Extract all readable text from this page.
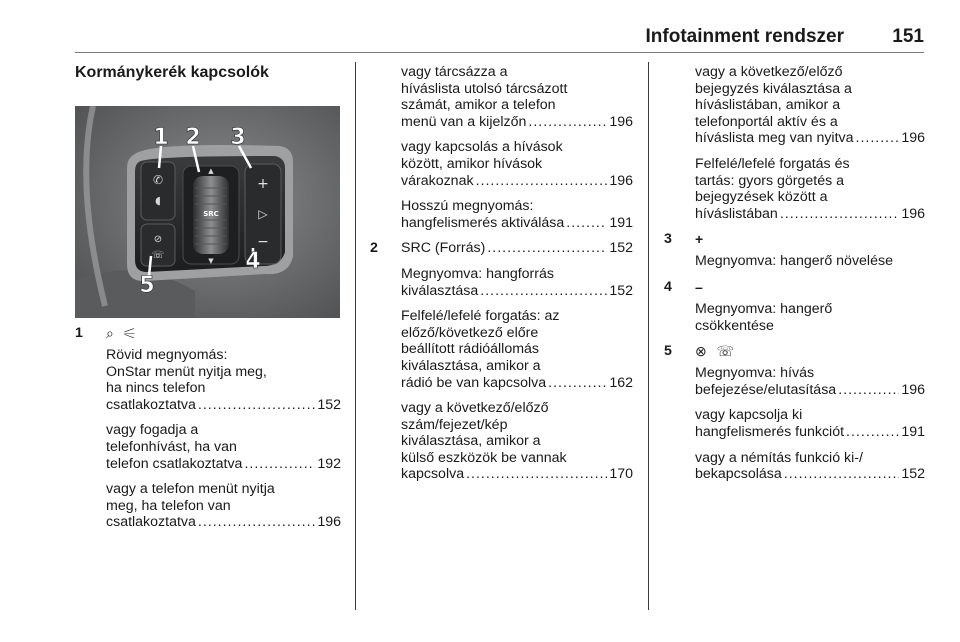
Infotainment rendszer	151
Kormánykerék kapcsolók
✆
◖
⊘
☏
SRC
▲
▼
+
▷
−
1 2 3
4
5
1 ⌕ ⚟
Rövid megnyomás:
OnStar menüt nyitja meg,
ha nincs telefon
csatlakoztatva .....	152
vagy fogadja a
telefonhívást, ha van
telefon csatlakoztatva .....	192
vagy a telefon menüt nyitja
meg, ha telefon van
csatlakoztatva .....	196
vagy tárcsázza a
híváslista utolsó tárcsázott
számát, amikor a telefon
menü van a kijelzőn .....	196
vagy kapcsolás a hívások
között, amikor hívások
várakoznak .....	196
Hosszú megnyomás:
hangfelismerés aktiválása .....	191
2 SRC (Forrás) .....	152
Megnyomva: hangforrás
kiválasztása .....	152
Felfelé/lefelé forgatás: az
előző/következő előre
beállított rádióállomás
kiválasztása, amikor a
rádió be van kapcsolva .....	162
vagy a következő/előző
szám/fejezet/kép
kiválasztása, amikor a
külső eszközök be vannak
kapcsolva .....	170
vagy a következő/előző
bejegyzés kiválasztása a
híváslistában, amikor a
telefonportál aktív és a
híváslista meg van nyitva .....	196
Felfelé/lefelé forgatás és
tartás: gyors görgetés a
bejegyzések között a
híváslistában .....	196
3 +
Megnyomva: hangerő növelése
4 –
Megnyomva: hangerő
csökkentése
5 ⊗ ☏
Megnyomva: hívás
befejezése/elutasítása .....	196
vagy kapcsolja ki
hangfelismerés funkciót .....	191
vagy a némítás funkció ki-/
bekapcsolása .....	152
